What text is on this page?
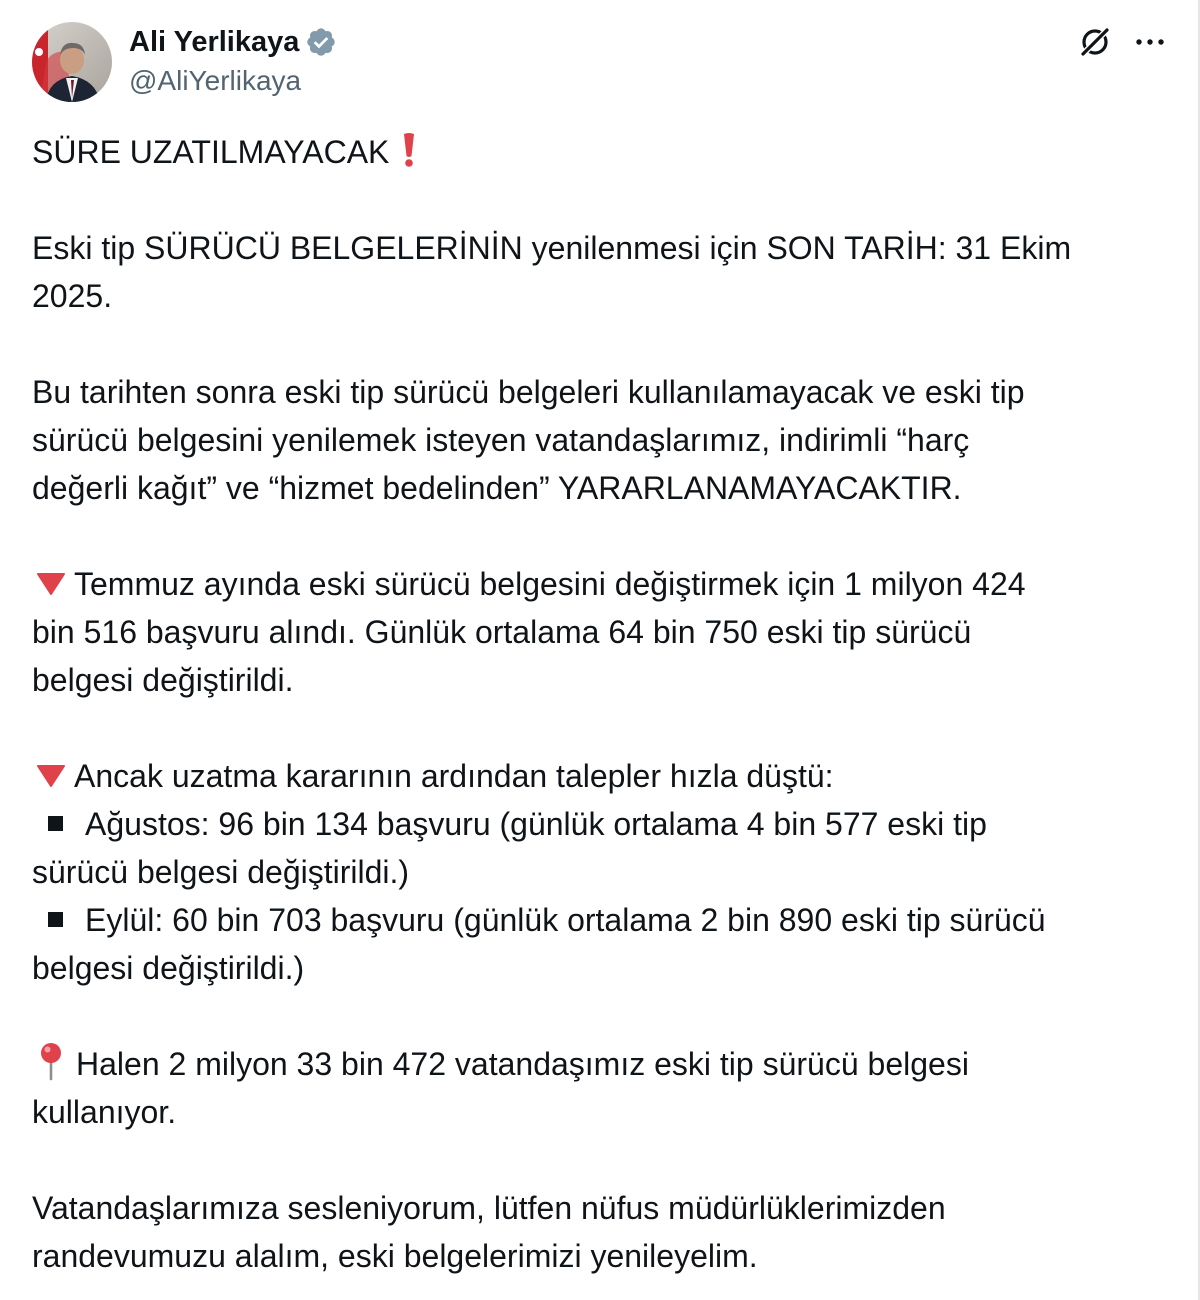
Ali Yerlikaya
@AliYerlikaya

SÜRE UZATILMAYACAK

Eski tip SÜRÜCÜ BELGELERİNİN yenilenmesi için SON TARİH: 31 Ekim
2025.

Bu tarihten sonra eski tip sürücü belgeleri kullanılamayacak ve eski tip
sürücü belgesini yenilemek isteyen vatandaşlarımız, indirimli “harç
değerli kağıt” ve “hizmet bedelinden” YARARLANAMAYACAKTIR.

Temmuz ayında eski sürücü belgesini değiştirmek için 1 milyon 424
bin 516 başvuru alındı. Günlük ortalama 64 bin 750 eski tip sürücü
belgesi değiştirildi.

Ancak uzatma kararının ardından talepler hızla düştü:
Ağustos: 96 bin 134 başvuru (günlük ortalama 4 bin 577 eski tip
sürücü belgesi değiştirildi.)
Eylül: 60 bin 703 başvuru (günlük ortalama 2 bin 890 eski tip sürücü
belgesi değiştirildi.)

Halen 2 milyon 33 bin 472 vatandaşımız eski tip sürücü belgesi
kullanıyor.

Vatandaşlarımıza sesleniyorum, lütfen nüfus müdürlüklerimizden
randevumuzu alalım, eski belgelerimizi yenileyelim.
